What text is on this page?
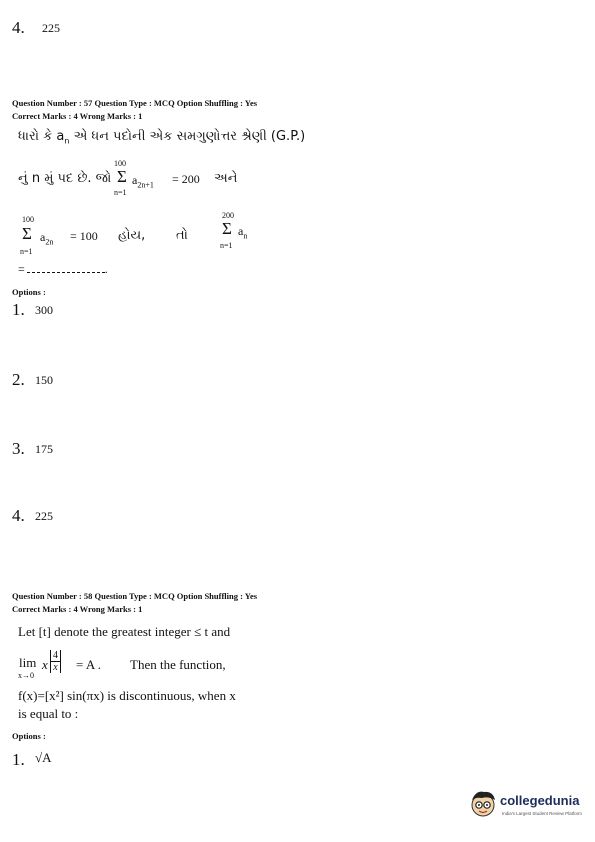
4. 225
Question Number : 57 Question Type : MCQ Option Shuffling : Yes
Correct Marks : 4 Wrong Marks : 1
ધારો કે $a_n$ એ ધન પદોની એક સમગુણોત્તર શ્રેણી (G.P.)
નું n મું પદ છે. જો
100
Σ
n=1
$a_{2n+1} = 200$ અને
100
Σ
n=1
$a_{2n} = 100$ હોય, તો
200
Σ
n=1
$a_n$
=	.
Options :
1. 300
2. 150
3. 175
4. 225
Question Number : 58 Question Type : MCQ Option Shuffling : Yes
Correct Marks : 4 Wrong Marks : 1
Let [t] denote the greatest integer ≤ t and
lim
x→0
x $\frac{4}{x} = A$ . Then the function,
f(x)=[x²] sin(πx) is discontinuous, when x
is equal to :
Options :
1. √A
collegedunia
India's Largest Student Review Platform
